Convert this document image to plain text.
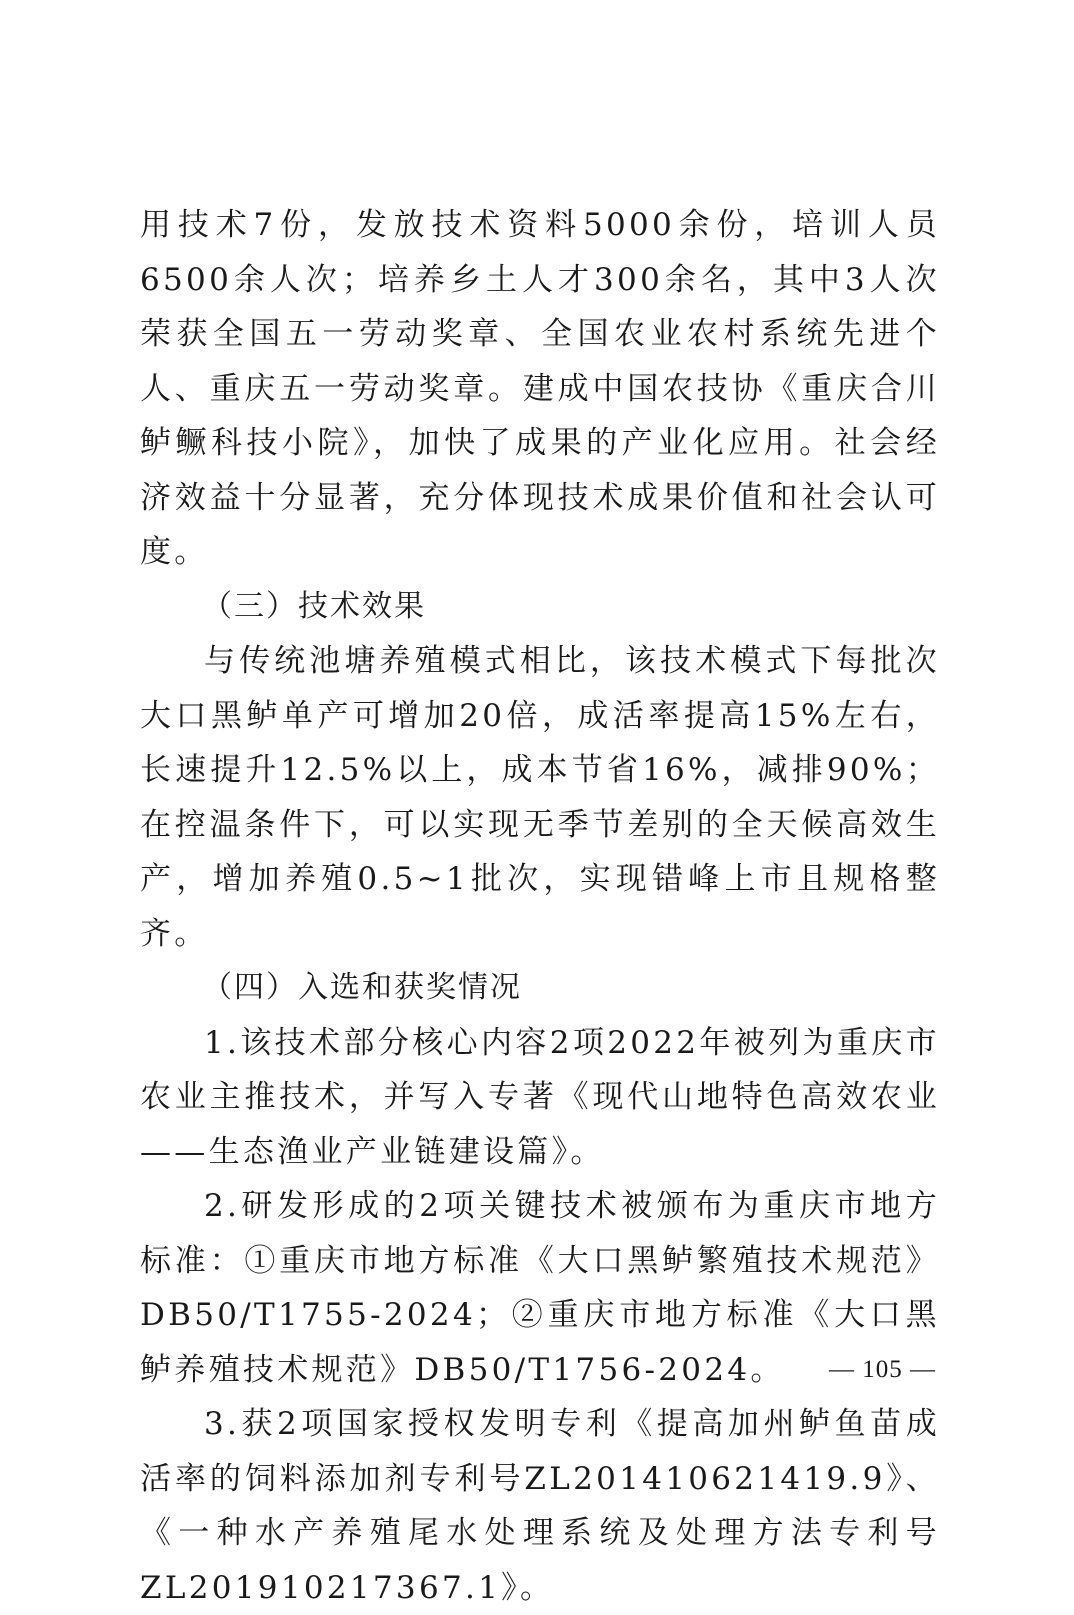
用技术7份，发放技术资料5000余份，培训人员6500余人次；培养乡土人才300余名，其中3人次荣获全国五一劳动奖章、全国农业农村系统先进个人、重庆五一劳动奖章。建成中国农技协《重庆合川鲈鳜科技小院》，加快了成果的产业化应用。社会经济效益十分显著，充分体现技术成果价值和社会认可度。

（三）技术效果

与传统池塘养殖模式相比，该技术模式下每批次大口黑鲈单产可增加20倍，成活率提高15%左右，长速提升12.5%以上，成本节省16%，减排90%；在控温条件下，可以实现无季节差别的全天候高效生产，增加养殖0.5~1批次，实现错峰上市且规格整齐。

（四）入选和获奖情况

1.该技术部分核心内容2项2022年被列为重庆市农业主推技术，并写入专著《现代山地特色高效农业——生态渔业产业链建设篇》。

2.研发形成的2项关键技术被颁布为重庆市地方标准：①重庆市地方标准《大口黑鲈繁殖技术规范》DB50/T1755-2024；②重庆市地方标准《大口黑鲈养殖技术规范》DB50/T1756-2024。

3.获2项国家授权发明专利《提高加州鲈鱼苗成活率的饲料添加剂专利号ZL201410621419.9》、《一种水产养殖尾水处理系统及处理方法专利号ZL201910217367.1》。

— 105 —
